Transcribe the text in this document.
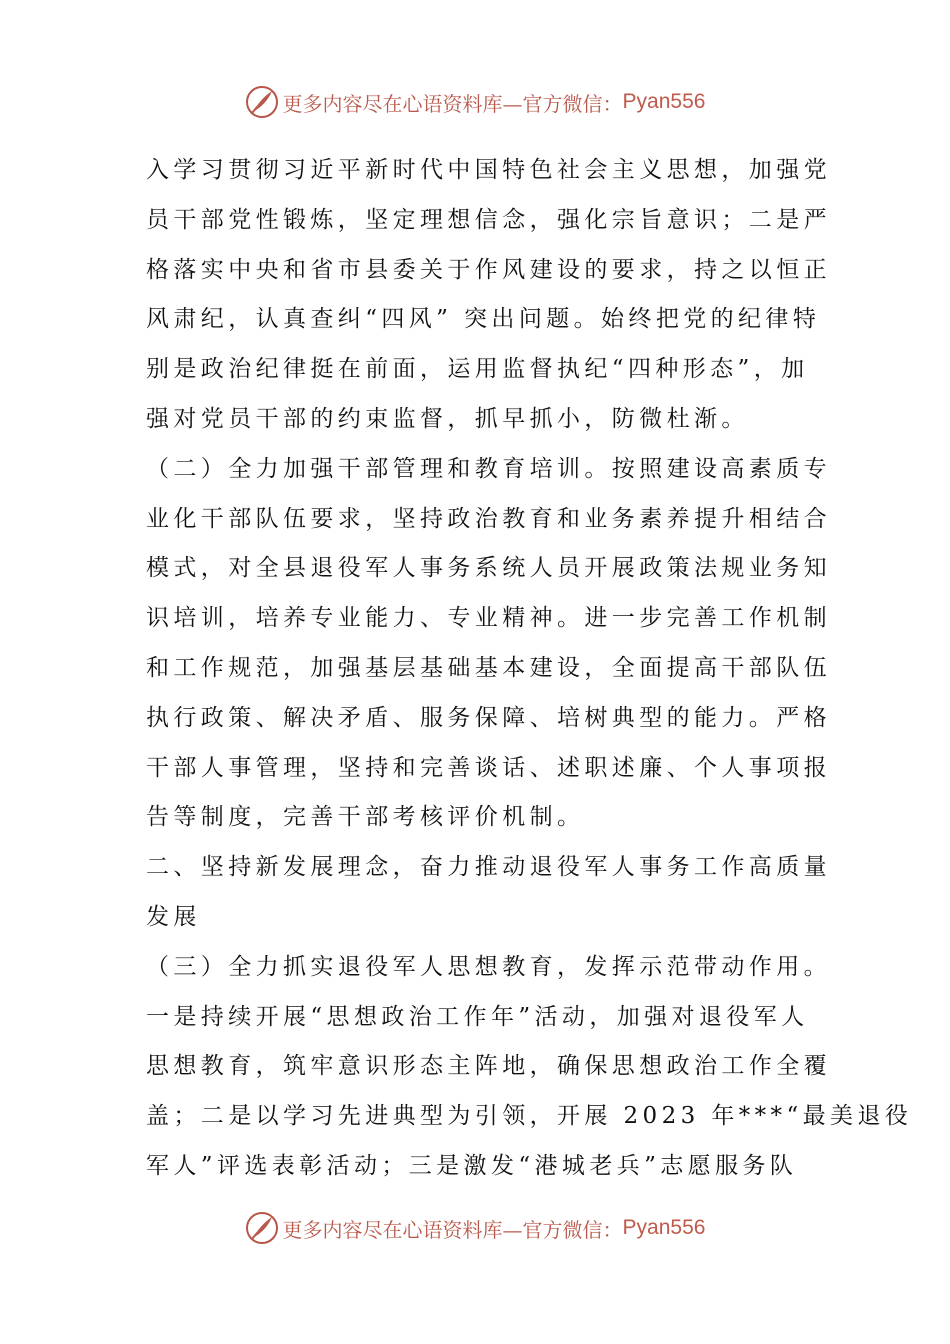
更多内容尽在心语资料库—官方微信： Pyan556

入学习贯彻习近平新时代中国特色社会主义思想，加强党
员干部党性锻炼，坚定理想信念，强化宗旨意识；二是严
格落实中央和省市县委关于作风建设的要求，持之以恒正
风肃纪，认真查纠“四风” 突出问题。始终把党的纪律特
别是政治纪律挺在前面，运用监督执纪“四种形态”，加
强对党员干部的约束监督，抓早抓小，防微杜渐。

（二）全力加强干部管理和教育培训。按照建设高素质专
业化干部队伍要求，坚持政治教育和业务素养提升相结合
模式，对全县退役军人事务系统人员开展政策法规业务知
识培训，培养专业能力、专业精神。进一步完善工作机制
和工作规范，加强基层基础基本建设，全面提高干部队伍
执行政策、解决矛盾、服务保障、培树典型的能力。严格
干部人事管理，坚持和完善谈话、述职述廉、个人事项报
告等制度，完善干部考核评价机制。

二、坚持新发展理念，奋力推动退役军人事务工作高质量
发展

（三）全力抓实退役军人思想教育，发挥示范带动作用。
一是持续开展“思想政治工作年”活动，加强对退役军人
思想教育，筑牢意识形态主阵地，确保思想政治工作全覆
盖；二是以学习先进典型为引领，开展 2023 年***“最美退役
军人”评选表彰活动；三是激发“港城老兵”志愿服务队

更多内容尽在心语资料库—官方微信： Pyan556
